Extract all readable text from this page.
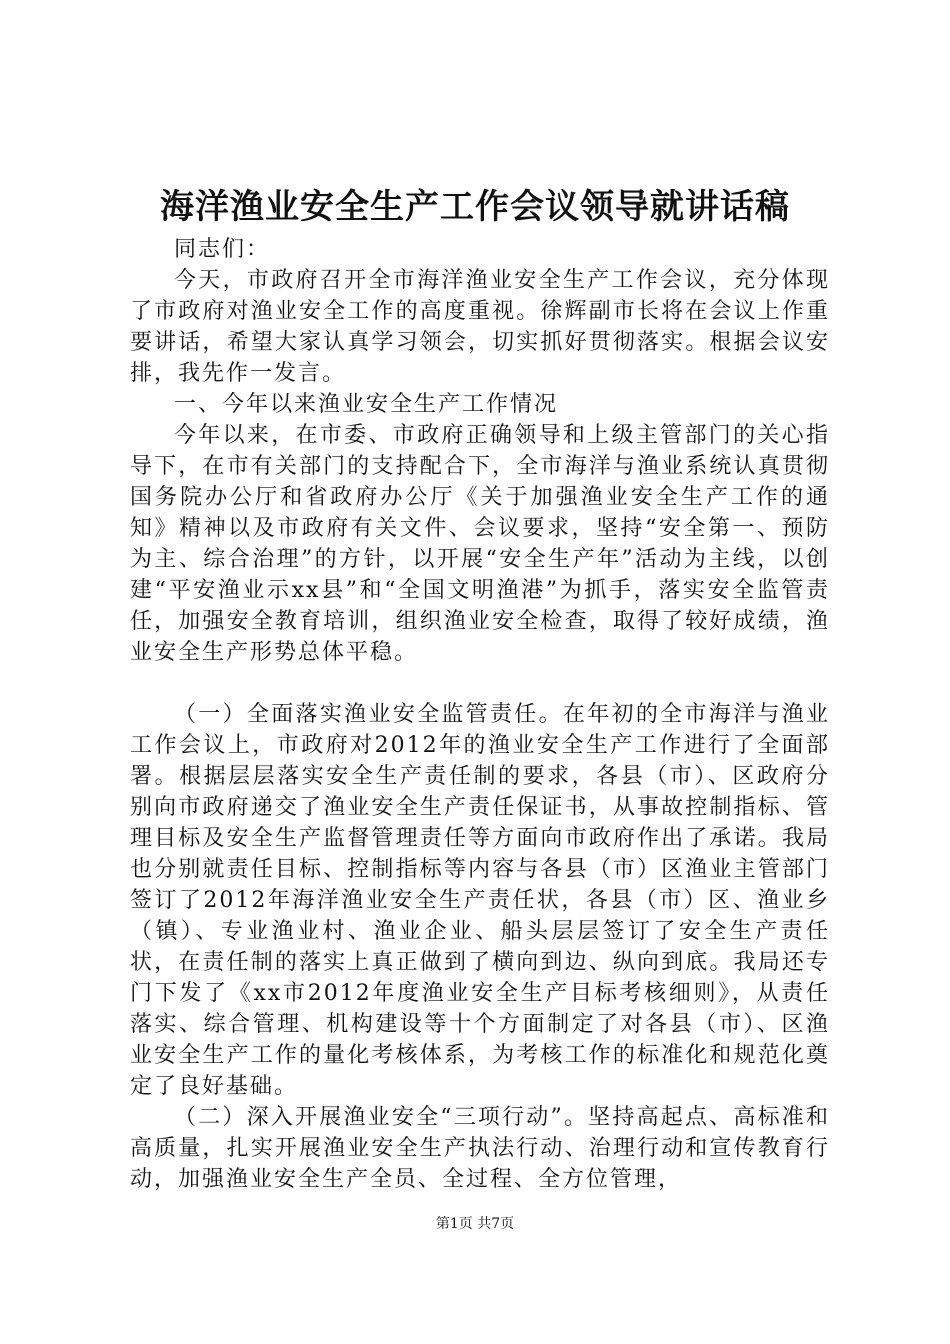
海洋渔业安全生产工作会议领导就讲话稿

同志们：

今天，市政府召开全市海洋渔业安全生产工作会议，充分体现了市政府对渔业安全工作的高度重视。徐辉副市长将在会议上作重要讲话，希望大家认真学习领会，切实抓好贯彻落实。根据会议安排，我先作一发言。

一、今年以来渔业安全生产工作情况

今年以来，在市委、市政府正确领导和上级主管部门的关心指导下，在市有关部门的支持配合下，全市海洋与渔业系统认真贯彻国务院办公厅和省政府办公厅《关于加强渔业安全生产工作的通知》精神以及市政府有关文件、会议要求，坚持“安全第一、预防为主、综合治理”的方针，以开展“安全生产年”活动为主线，以创建“平安渔业示xx县”和“全国文明渔港”为抓手，落实安全监管责任，加强安全教育培训，组织渔业安全检查，取得了较好成绩，渔业安全生产形势总体平稳。

（一）全面落实渔业安全监管责任。在年初的全市海洋与渔业工作会议上，市政府对2012年的渔业安全生产工作进行了全面部署。根据层层落实安全生产责任制的要求，各县（市）、区政府分别向市政府递交了渔业安全生产责任保证书，从事故控制指标、管理目标及安全生产监督管理责任等方面向市政府作出了承诺。我局也分别就责任目标、控制指标等内容与各县（市）区渔业主管部门签订了2012年海洋渔业安全生产责任状，各县（市）区、渔业乡（镇）、专业渔业村、渔业企业、船头层层签订了安全生产责任状，在责任制的落实上真正做到了横向到边、纵向到底。我局还专门下发了《xx市2012年度渔业安全生产目标考核细则》，从责任落实、综合管理、机构建设等十个方面制定了对各县（市）、区渔业安全生产工作的量化考核体系，为考核工作的标准化和规范化奠定了良好基础。

（二）深入开展渔业安全“三项行动”。坚持高起点、高标准和高质量，扎实开展渔业安全生产执法行动、治理行动和宣传教育行动，加强渔业安全生产全员、全过程、全方位管理，

第1页 共7页
